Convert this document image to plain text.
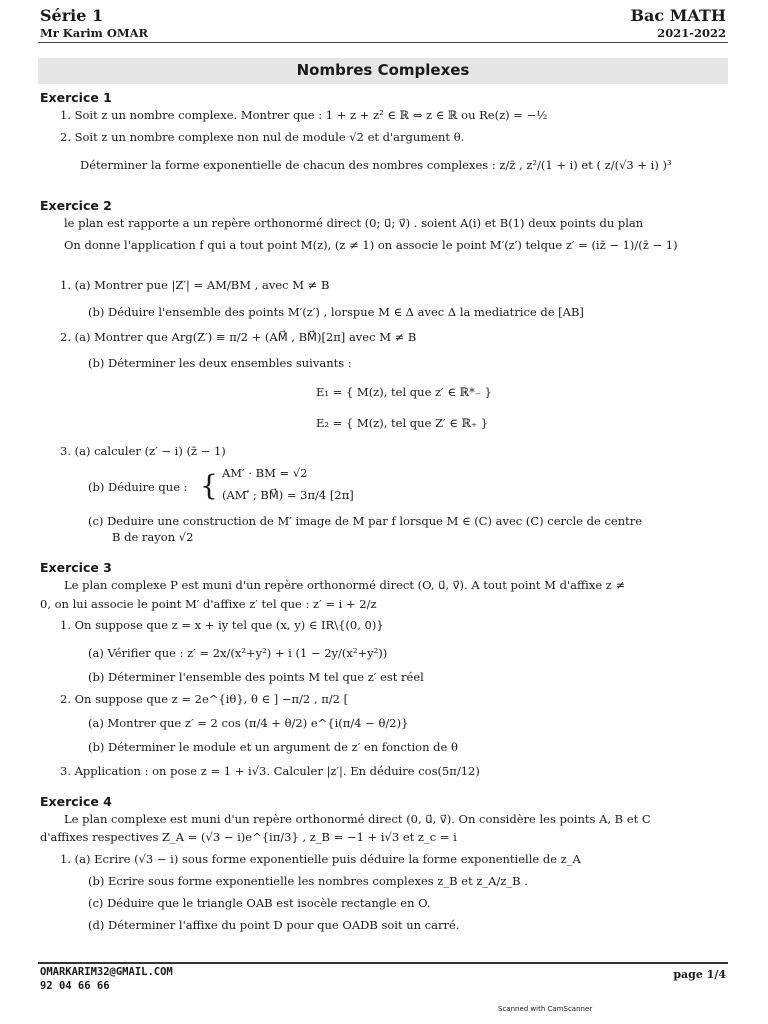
Série 1
Mr Karim OMAR
Bac MATH
2021-2022
Nombres Complexes
Exercice 1
1. Soit z un nombre complexe. Montrer que : 1 + z + z² ∈ ℝ ⇔ z ∈ ℝ ou Re(z) = −½
2. Soit z un nombre complexe non nul de module √2 et d'argument θ.
Déterminer la forme exponentielle de chacun des nombres complexes : z/z̄ , z²/(1 + i) et ( z/(√3 + i) )³
Exercice 2
le plan est rapporte a un repère orthonormé direct (0; u⃗; v⃗) . soient A(i) et B(1) deux points du plan
On donne l'application f qui a tout point M(z), (z ≠ 1) on associe le point M′(z′) telque z′ = (iz̄ − 1)/(z̄ − 1)
1. (a) Montrer pue |Z′| = AM/BM , avec M ≠ B
(b) Déduire l'ensemble des points M′(z′) , lorspue M ∈ Δ avec Δ la mediatrice de [AB]
2. (a) Montrer que Arg(Z′) ≡ π/2 + (AM⃗ , BM⃗)[2π] avec M ≠ B
(b) Déterminer les deux ensembles suivants :
E₁ = { M(z), tel que z′ ∈ ℝ*₋ }
E₂ = { M(z), tel que Z′ ∈ ℝ₊ }
3. (a) calculer (z′ − i) (z̄ − 1)
(b) Déduire que : { AM′ · BM = √2
(AM′⃗ ; BM⃗) = 3π/4 [2π]
(c) Deduire une construction de M′ image de M par f lorsque M ∈ (C) avec (C) cercle de centre
B de rayon √2
Exercice 3
Le plan complexe P est muni d'un repère orthonormé direct (O, u⃗, v⃗). A tout point M d'affixe z ≠
0, on lui associe le point M′ d'affixe z′ tel que : z′ = i + 2/z
1. On suppose que z = x + iy tel que (x, y) ∈ IR\{(0, 0)}
(a) Vérifier que : z′ = 2x/(x²+y²) + i (1 − 2y/(x²+y²))
(b) Déterminer l'ensemble des points M tel que z′ est réel
2. On suppose que z = 2e^{iθ}, θ ∈ ] −π/2 , π/2 [
(a) Montrer que z′ = 2 cos (π/4 + θ/2) e^{i(π/4 − θ/2)}
(b) Déterminer le module et un argument de z′ en fonction de θ
3. Application : on pose z = 1 + i√3. Calculer |z′|. En déduire cos(5π/12)
Exercice 4
Le plan complexe est muni d'un repère orthonormé direct (0, u⃗, v⃗). On considère les points A, B et C
d'affixes respectives Z_A = (√3 − i)e^{iπ/3} , z_B = −1 + i√3 et z_c = i
1. (a) Ecrire (√3 − i) sous forme exponentielle puis déduire la forme exponentielle de z_A
(b) Ecrire sous forme exponentielle les nombres complexes z_B et z_A/z_B .
(c) Déduire que le triangle OAB est isocèle rectangle en O.
(d) Déterminer l'affixe du point D pour que OADB soit un carré.
OMARKARIM32@GMAIL.COM
92 04 66 66
page 1/4
Scanned with CamScanner
